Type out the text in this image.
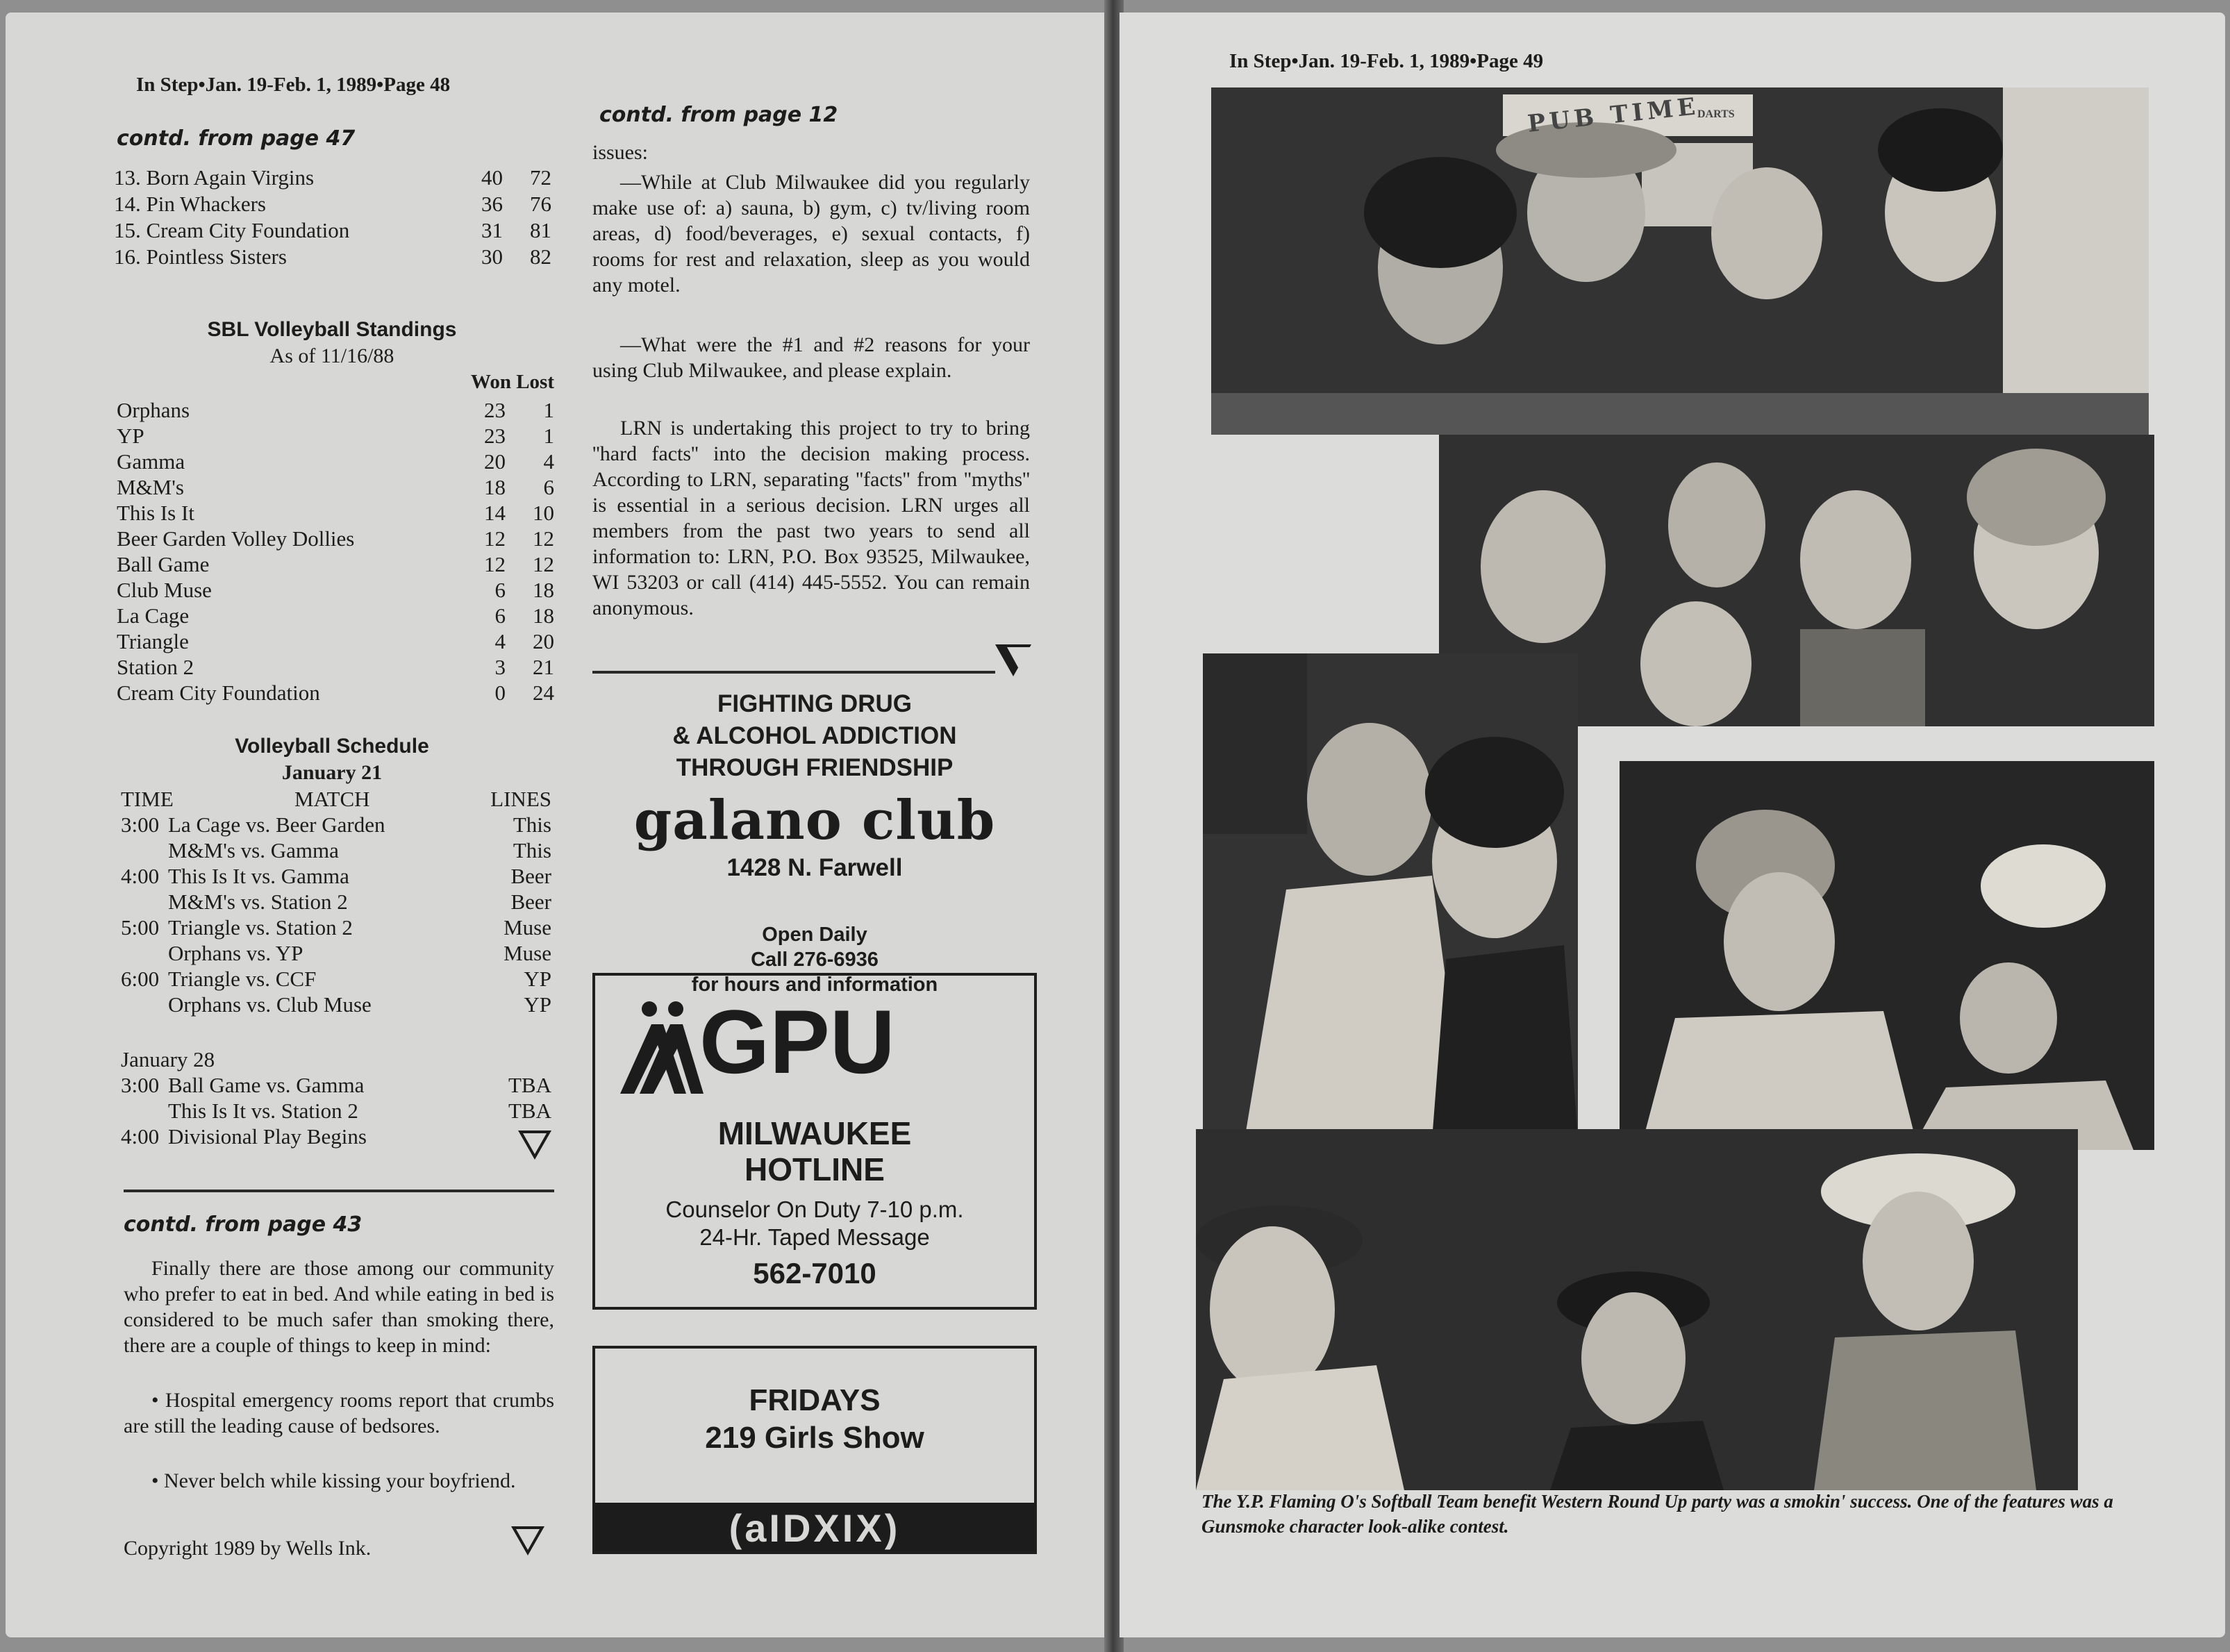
In Step•Jan. 19-Feb. 1, 1989•Page 48
contd. from page 47
13. Born Again Virgins	40	72
14. Pin Whackers	36	76
15. Cream City Foundation	31	81
16. Pointless Sisters	30	82
SBL Volleyball Standings
As of 11/16/88
Won Lost
Orphans	23	1
YP	23	1
Gamma	20	4
M&M's	18	6
This Is It	14	10
Beer Garden Volley Dollies	12	12
Ball Game	12	12
Club Muse	6	18
La Cage	6	18
Triangle	4	20
Station 2	3	21
Cream City Foundation	0	24
Volleyball Schedule
January 21
TIME	MATCH	LINES
3:00 La Cage vs. Beer Garden	This
M&M's vs. Gamma	This
4:00 This Is It vs. Gamma	Beer
M&M's vs. Station 2	Beer
5:00 Triangle vs. Station 2	Muse
Orphans vs. YP	Muse
6:00 Triangle vs. CCF	YP
Orphans vs. Club Muse	YP
January 28
3:00 Ball Game vs. Gamma	TBA
This Is It vs. Station 2	TBA
4:00 Divisional Play Begins
contd. from page 43
Finally there are those among our community who prefer to eat in bed. And while eating in bed is considered to be much safer than smoking there, there are a couple of things to keep in mind:
• Hospital emergency rooms report that crumbs are still the leading cause of bedsores.
• Never belch while kissing your boyfriend.
Copyright 1989 by Wells Ink.
contd. from page 12
issues:
—While at Club Milwaukee did you regularly make use of: a) sauna, b) gym, c) tv/living room areas, d) food/beverages, e) sexual contacts, f) rooms for rest and relaxation, sleep as you would any motel.
—What were the #1 and #2 reasons for your using Club Milwaukee, and please explain.
LRN is undertaking this project to try to bring ''hard facts'' into the decision making process. According to LRN, separating ''facts'' from ''myths'' is essential in a serious decision. LRN urges all members from the past two years to send all information to: LRN, P.O. Box 93525, Milwaukee, WI 53203 or call (414) 445-5552. You can remain anonymous.
FIGHTING DRUG
& ALCOHOL ADDICTION
THROUGH FRIENDSHIP
galano club
1428 N. Farwell
Open Daily
Call 276-6936
for hours and information
GPU
MILWAUKEE
HOTLINE
Counselor On Duty 7-10 p.m.
24-Hr. Taped Message
562-7010
FRIDAYS
219 Girls Show
(aIDXIX)
In Step•Jan. 19-Feb. 1, 1989•Page 49
PUB TIME
DARTS
The Y.P. Flaming O's Softball Team benefit Western Round Up party was a smokin' success. One of the features was a Gunsmoke character look-alike contest.
